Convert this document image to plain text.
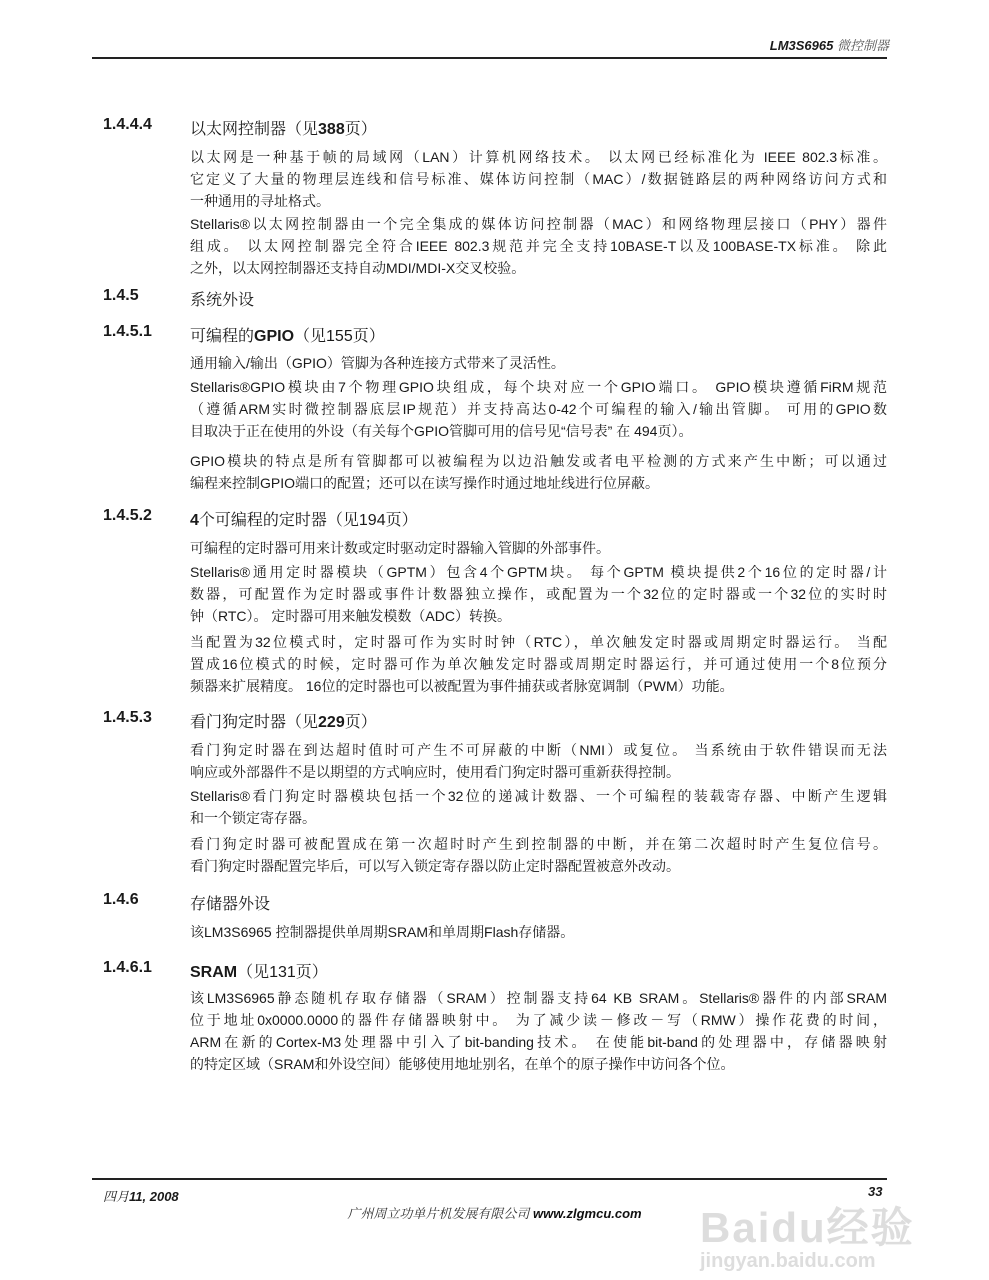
LM3S6965 微控制器
1.4.4.4 以太网控制器（见388页）
以太网是一种基于帧的局域网（LAN）计算机网络技术。 以太网已经标准化为 IEEE 802.3标准。
它定义了大量的物理层连线和信号标准、媒体访问控制（MAC）/数据链路层的两种网络访问方式和
一种通用的寻址格式。
Stellaris®以太网控制器由一个完全集成的媒体访问控制器（MAC）和网络物理层接口（PHY）器件
组成。 以太网控制器完全符合IEEE 802.3规范并完全支持10BASE-T以及100BASE-TX标准。 除此
之外，以太网控制器还支持自动MDI/MDI-X交叉校验。
1.4.5	系统外设
1.4.5.1 可编程的GPIO（见155页）
通用输入/输出（GPIO）管脚为各种连接方式带来了灵活性。
Stellaris®GPIO模块由7个物理GPIO块组成，每个块对应一个GPIO端口。 GPIO模块遵循FiRM规范
（遵循ARM实时微控制器底层IP规范）并支持高达0-42个可编程的输入/输出管脚。 可用的GPIO数
目取决于正在使用的外设（有关每个GPIO管脚可用的信号见“信号表” 在 494页）。
GPIO模块的特点是所有管脚都可以被编程为以边沿触发或者电平检测的方式来产生中断；可以通过
编程来控制GPIO端口的配置；还可以在读写操作时通过地址线进行位屏蔽。
1.4.5.2 4个可编程的定时器（见194页）
可编程的定时器可用来计数或定时驱动定时器输入管脚的外部事件。
Stellaris®通用定时器模块（GPTM）包含4个GPTM块。 每个GPTM 模块提供2个16位的定时器/计
数器，可配置作为定时器或事件计数器独立操作，或配置为一个32位的定时器或一个32位的实时时
钟（RTC）。 定时器可用来触发模数（ADC）转换。
当配置为32位模式时，定时器可作为实时时钟（RTC），单次触发定时器或周期定时器运行。 当配
置成16位模式的时候，定时器可作为单次触发定时器或周期定时器运行，并可通过使用一个8位预分
频器来扩展精度。 16位的定时器也可以被配置为事件捕获或者脉宽调制（PWM）功能。
1.4.5.3 看门狗定时器（见229页）
看门狗定时器在到达超时值时可产生不可屏蔽的中断（NMI）或复位。 当系统由于软件错误而无法
响应或外部器件不是以期望的方式响应时，使用看门狗定时器可重新获得控制。
Stellaris®看门狗定时器模块包括一个32位的递减计数器、一个可编程的装载寄存器、中断产生逻辑
和一个锁定寄存器。
看门狗定时器可被配置成在第一次超时时产生到控制器的中断，并在第二次超时时产生复位信号。
看门狗定时器配置完毕后，可以写入锁定寄存器以防止定时器配置被意外改动。
1.4.6	存储器外设
该LM3S6965 控制器提供单周期SRAM和单周期Flash存储器。
1.4.6.1 SRAM（见131页）
该LM3S6965静态随机存取存储器（SRAM）控制器支持64 KB SRAM。Stellaris®器件的内部SRAM
位于地址0x0000.0000的器件存储器映射中。 为了减少读－修改－写（RMW）操作花费的时间，
ARM在新的Cortex-M3处理器中引入了bit-banding技术。 在使能bit-band的处理器中，存储器映射
的特定区域（SRAM和外设空间）能够使用地址别名，在单个的原子操作中访问各个位。
四月11, 2008
广州周立功单片机发展有限公司 www.zlgmcu.com
33
Baidu经验
jingyan.baidu.com
